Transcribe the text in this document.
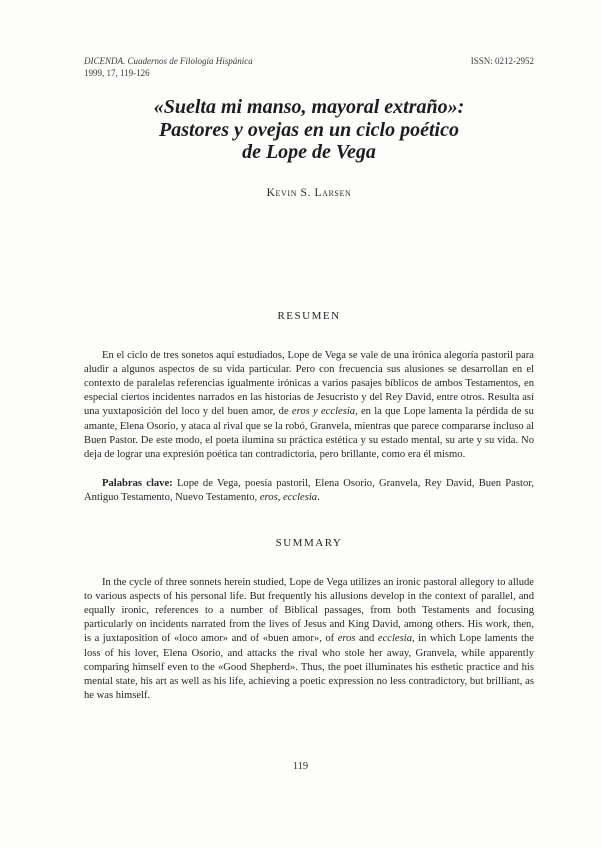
DICENDA. Cuadernos de Filología Hispánica
1999, 17, 119-126
ISSN: 0212-2952
«Suelta mi manso, mayoral extraño»:
Pastores y ovejas en un ciclo poético
de Lope de Vega
Kevin S. Larsen
RESUMEN

En el ciclo de tres sonetos aquí estudiados, Lope de Vega se vale de una irónica alegoría pastoril para aludir a algunos aspectos de su vida particular. Pero con frecuencia sus alusiones se desarrollan en el contexto de paralelas referencias igualmente irónicas a varios pasajes bíblicos de ambos Testamentos, en especial ciertos incidentes narrados en las historias de Jesucristo y del Rey David, entre otros. Resulta así una yuxtaposición del loco y del buen amor, de eros y ecclesia, en la que Lope lamenta la pérdida de su amante, Elena Osorio, y ataca al rival que se la robó, Granvela, mientras que parece compararse incluso al Buen Pastor. De este modo, el poeta ilumina su práctica estética y su estado mental, su arte y su vida. No deja de lograr una expresión poética tan contradictoria, pero brillante, como era él mismo.

Palabras clave: Lope de Vega, poesía pastoril, Elena Osorio, Granvela, Rey David, Buen Pastor, Antiguo Testamento, Nuevo Testamento, eros, ecclesia.

SUMMARY

In the cycle of three sonnets herein studied, Lope de Vega utilizes an ironic pastoral allegory to allude to various aspects of his personal life. But frequently his allusions develop in the context of parallel, and equally ironic, references to a number of Biblical passages, from both Testaments and focusing particularly on incidents narrated from the lives of Jesus and King David, among others. His work, then, is a juxtaposition of «loco amor» and of «buen amor», of eros and ecclesia, in which Lope laments the loss of his lover, Elena Osorio, and attacks the rival who stole her away, Granvela, while apparently comparing himself even to the «Good Shepherd». Thus, the poet illuminates his esthetic practice and his mental state, his art as well as his life, achieving a poetic expression no less contradictory, but brilliant, as he was himself.

119
